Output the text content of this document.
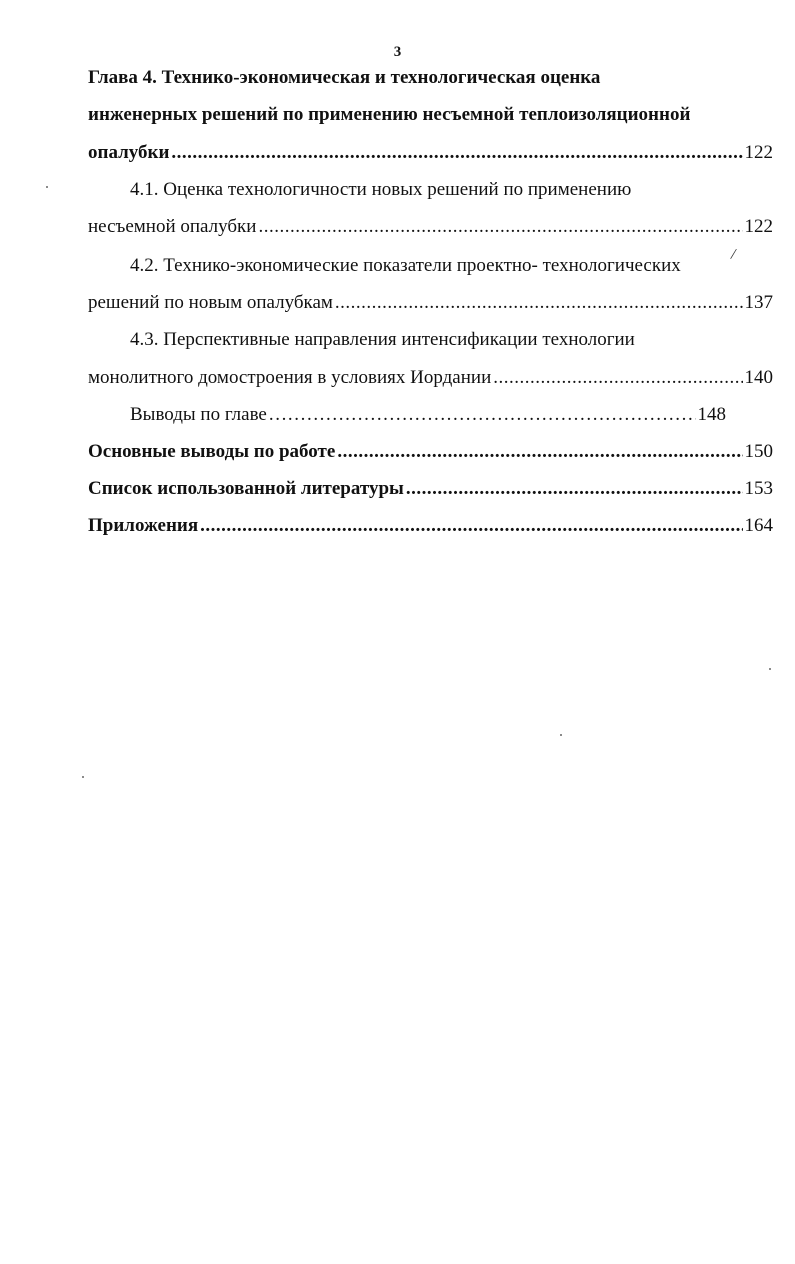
3
Глава 4.
Технико-экономическая и технологическая оценка
инженерных решений по применению несъемной теплоизоляционной
опалубки .....	122
4.1. Оценка технологичности новых решений по применению
несъемной опалубки .....	122
4.2. Технико-экономические показатели проектно- технологических
решений по новым опалубкам .....	137
4.3. Перспективные направления интенсификации технологии
монолитного домостроения в условиях Иордании .....	140
Выводы по главе .....	148
Основные выводы по работе .....	150
Список использованной литературы .....	153
Приложения .....	164
/
